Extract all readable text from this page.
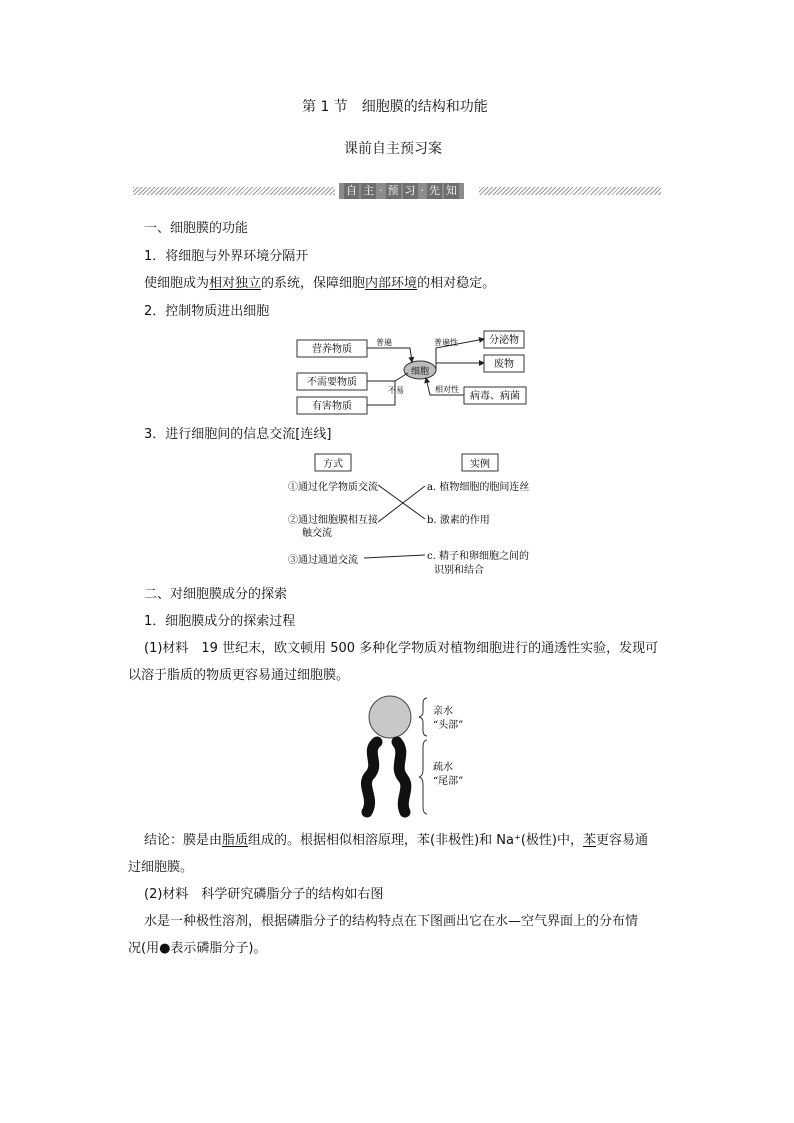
第 1 节　细胞膜的结构和功能
课前自主预习案
自 主 · 预 习 · 先 知
一、细胞膜的功能
1．将细胞与外界环境分隔开
使细胞成为相对独立的系统，保障细胞内部环境的相对稳定。
2．控制物质进出细胞
营养物质
不需要物质
有害物质
细胞
普遍
不易
普遍性
相对性
分泌物
废物
病毒、病菌
3．进行细胞间的信息交流[连线]
方式	实例
①通过化学物质交流
②通过细胞膜相互接
触交流
③通过通道交流
a. 植物细胞的胞间连丝
b. 激素的作用
c. 精子和卵细胞之间的
识别和结合
二、对细胞膜成分的探索
1．细胞膜成分的探索过程
(1)材料　19 世纪末，欧文顿用 500 多种化学物质对植物细胞进行的通透性实验，发现可
以溶于脂质的物质更容易通过细胞膜。
亲水
“头部”
疏水
“尾部”
结论：膜是由脂质组成的。根据相似相溶原理，苯(非极性)和 Na⁺(极性)中，苯更容易通
过细胞膜。
(2)材料　科学研究磷脂分子的结构如右图
水是一种极性溶剂，根据磷脂分子的结构特点在下图画出它在水—空气界面上的分布情
况(用●表示磷脂分子)。
